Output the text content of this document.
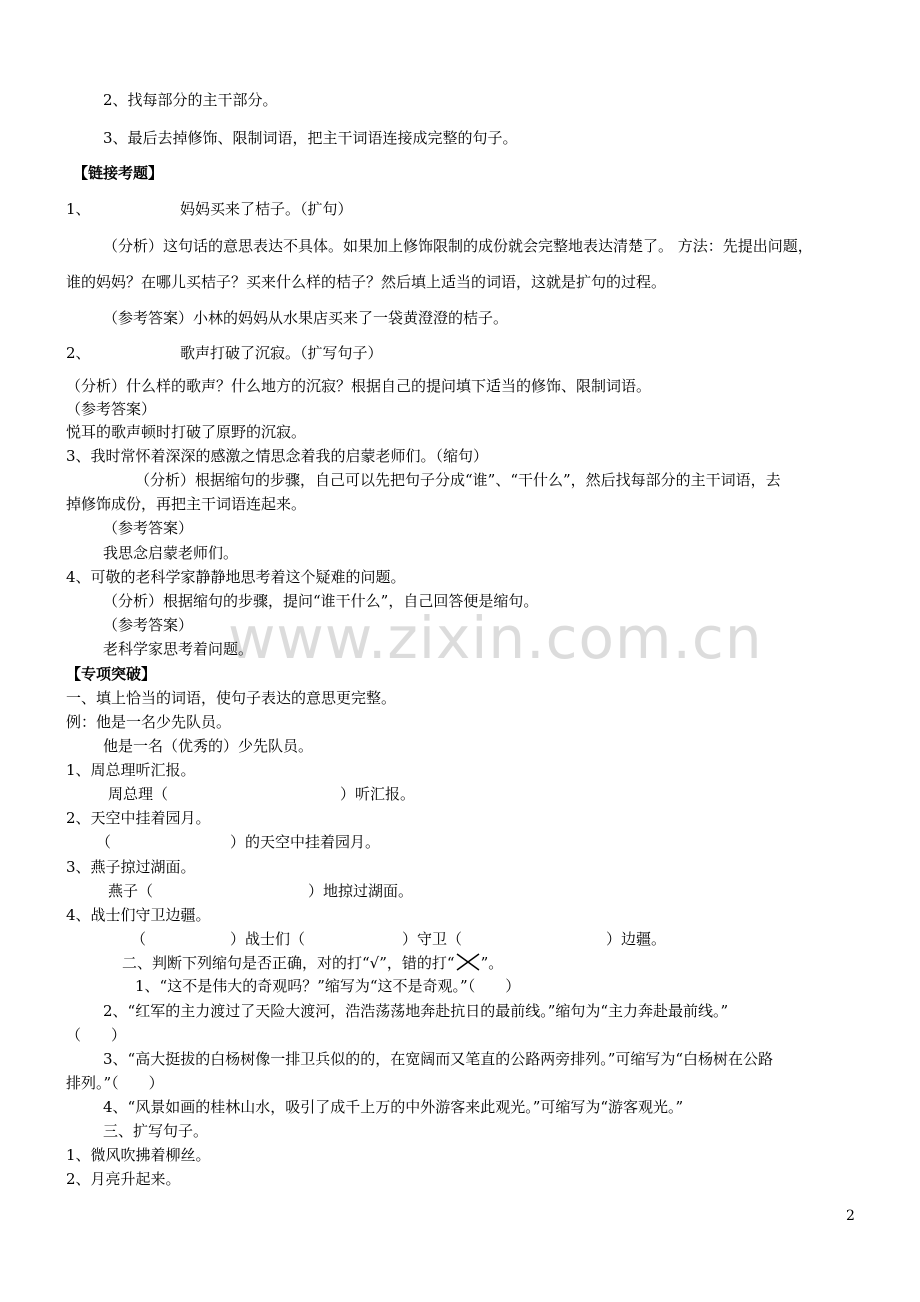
www.zixin.com.cn
2、找每部分的主干部分。
3、最后去掉修饰、限制词语，把主干词语连接成完整的句子。
【链接考题】
1、	妈妈买来了桔子。（扩句）
（分析）这句话的意思表达不具体。如果加上修饰限制的成份就会完整地表达清楚了。 方法：先提出问题，
谁的妈妈？在哪儿买桔子？买来什么样的桔子？然后填上适当的词语，这就是扩句的过程。
（参考答案）小林的妈妈从水果店买来了一袋黄澄澄的桔子。
2、	歌声打破了沉寂。（扩写句子）
（分析）什么样的歌声？什么地方的沉寂？根据自己的提问填下适当的修饰、限制词语。
（参考答案）
悦耳的歌声顿时打破了原野的沉寂。
3、我时常怀着深深的感激之情思念着我的启蒙老师们。（缩句）
（分析）根据缩句的步骤，自己可以先把句子分成“谁”、“干什么”，然后找每部分的主干词语，去
掉修饰成份，再把主干词语连起来。
（参考答案）
我思念启蒙老师们。
4、可敬的老科学家静静地思考着这个疑难的问题。
（分析）根据缩句的步骤，提问“谁干什么”，自己回答便是缩句。
（参考答案）
老科学家思考着问题。
【专项突破】
一、填上恰当的词语，使句子表达的意思更完整。
例：他是一名少先队员。
他是一名（优秀的）少先队员。
1、周总理听汇报。
周总理（	）听汇报。
2、天空中挂着园月。
（	）的天空中挂着园月。
3、燕子掠过湖面。
燕子（	）地掠过湖面。
4、战士们守卫边疆。
（	）战士们（	）守卫（	）边疆。
二、判断下列缩句是否正确，对的打“√”，错的打“ ”。
1、“这不是伟大的奇观吗？”缩写为“这不是奇观。”（　　）
2、“红军的主力渡过了天险大渡河，浩浩荡荡地奔赴抗日的最前线。”缩句为“主力奔赴最前线。”
（　　）
3、“高大挺拔的白杨树像一排卫兵似的的，在宽阔而又笔直的公路两旁排列。”可缩写为“白杨树在公路
排列。”（　　）
4、“风景如画的桂林山水，吸引了成千上万的中外游客来此观光。”可缩写为“游客观光。”
三、扩写句子。
1、微风吹拂着柳丝。
2、月亮升起来。
2
